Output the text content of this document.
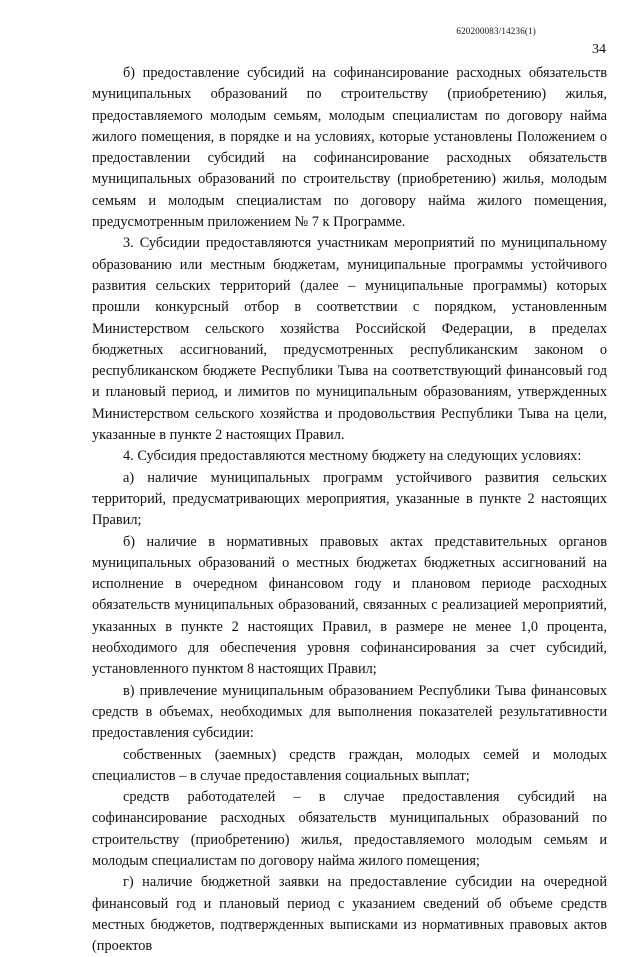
620200083/14236(1)
34

б) предоставление субсидий на софинансирование расходных обязательств муниципальных образований по строительству (приобретению) жилья, предоставляемого молодым семьям, молодым специалистам по договору найма жилого помещения, в порядке и на условиях, которые установлены Положением о предоставлении субсидий на софинансирование расходных обязательств муниципальных образований по строительству (приобретению) жилья, молодым семьям и молодым специалистам по договору найма жилого помещения, предусмотренным приложением № 7 к Программе.

3. Субсидии предоставляются участникам мероприятий по муниципальному образованию или местным бюджетам, муниципальные программы устойчивого развития сельских территорий (далее – муниципальные программы) которых прошли конкурсный отбор в соответствии с порядком, установленным Министерством сельского хозяйства Российской Федерации, в пределах бюджетных ассигнований, предусмотренных республиканским законом о республиканском бюджете Республики Тыва на соответствующий финансовый год и плановый период, и лимитов по муниципальным образованиям, утвержденных Министерством сельского хозяйства и продовольствия Республики Тыва на цели, указанные в пункте 2 настоящих Правил.

4. Субсидия предоставляются местному бюджету на следующих условиях:

а) наличие муниципальных программ устойчивого развития сельских территорий, предусматривающих мероприятия, указанные в пункте 2 настоящих Правил;

б) наличие в нормативных правовых актах представительных органов муниципальных образований о местных бюджетах бюджетных ассигнований на исполнение в очередном финансовом году и плановом периоде расходных обязательств муниципальных образований, связанных с реализацией мероприятий, указанных в пункте 2 настоящих Правил, в размере не менее 1,0 процента, необходимого для обеспечения уровня софинансирования за счет субсидий, установленного пунктом 8 настоящих Правил;

в) привлечение муниципальным образованием Республики Тыва финансовых средств в объемах, необходимых для выполнения показателей результативности предоставления субсидии:

собственных (заемных) средств граждан, молодых семей и молодых специалистов – в случае предоставления социальных выплат;

средств работодателей – в случае предоставления субсидий на софинансирование расходных обязательств муниципальных образований по строительству (приобретению) жилья, предоставляемого молодым семьям и молодым специалистам по договору найма жилого помещения;

г) наличие бюджетной заявки на предоставление субсидии на очередной финансовый год и плановый период с указанием сведений об объеме средств местных бюджетов, подтвержденных выписками из нормативных правовых актов (проектов
